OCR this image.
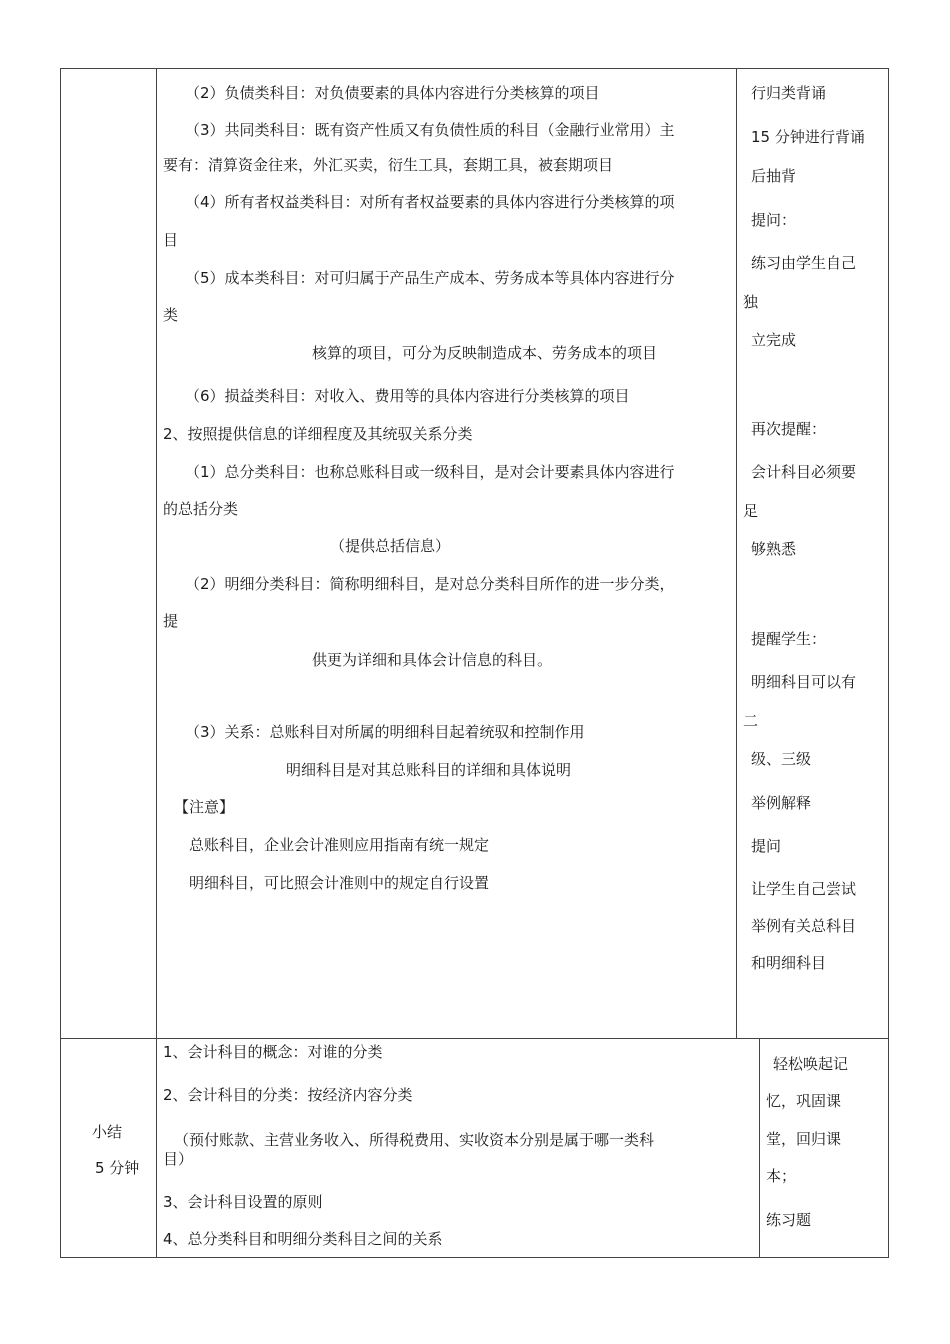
（2）负债类科目：对负债要素的具体内容进行分类核算的项目
（3）共同类科目：既有资产性质又有负债性质的科目（金融行业常用）主
要有：清算资金往来，外汇买卖，衍生工具，套期工具，被套期项目
（4）所有者权益类科目：对所有者权益要素的具体内容进行分类核算的项
目
（5）成本类科目：对可归属于产品生产成本、劳务成本等具体内容进行分
类
核算的项目，可分为反映制造成本、劳务成本的项目
（6）损益类科目：对收入、费用等的具体内容进行分类核算的项目
2、按照提供信息的详细程度及其统驭关系分类
（1）总分类科目：也称总账科目或一级科目，是对会计要素具体内容进行
的总括分类
（提供总括信息）
（2）明细分类科目：简称明细科目，是对总分类科目所作的进一步分类，
提
供更为详细和具体会计信息的科目。
（3）关系：总账科目对所属的明细科目起着统驭和控制作用
明细科目是对其总账科目的详细和具体说明
【注意】
总账科目，企业会计准则应用指南有统一规定
明细科目，可比照会计准则中的规定自行设置
行归类背诵
15 分钟进行背诵
后抽背
提问：
练习由学生自己
独
立完成
再次提醒：
会计科目必须要
足
够熟悉
提醒学生：
明细科目可以有
二
级、三级
举例解释
提问
让学生自己尝试
举例有关总科目
和明细科目
小结
5 分钟
1、会计科目的概念：对谁的分类
2、会计科目的分类：按经济内容分类
（预付账款、主营业务收入、所得税费用、实收资本分别是属于哪一类科
目）
3、会计科目设置的原则
4、总分类科目和明细分类科目之间的关系
轻松唤起记
忆，巩固课
堂，回归课
本；
练习题
